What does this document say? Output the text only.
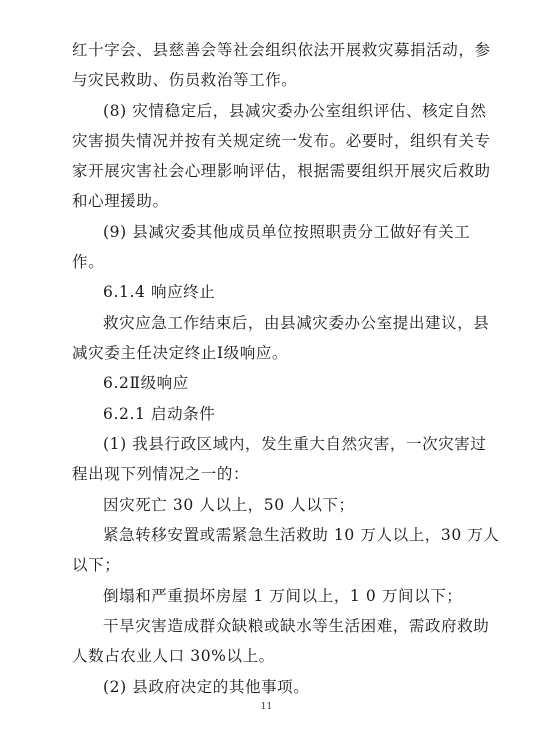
红十字会、县慈善会等社会组织依法开展救灾募捐活动，参
与灾民救助、伤员救治等工作。
(8) 灾情稳定后，县减灾委办公室组织评估、核定自然
灾害损失情况并按有关规定统一发布。必要时，组织有关专
家开展灾害社会心理影响评估，根据需要组织开展灾后救助
和心理援助。
(9) 县减灾委其他成员单位按照职责分工做好有关工
作。
6.1.4 响应终止
救灾应急工作结束后，由县减灾委办公室提出建议，县
减灾委主任决定终止Ⅰ级响应。
6.2Ⅱ级响应
6.2.1 启动条件
(1) 我县行政区域内，发生重大自然灾害，一次灾害过
程出现下列情况之一的：
因灾死亡 30 人以上，50 人以下；
紧急转移安置或需紧急生活救助 10 万人以上，30 万人
以下；
倒塌和严重损坏房屋 1 万间以上，1 0 万间以下；
干旱灾害造成群众缺粮或缺水等生活困难，需政府救助
人数占农业人口 30%以上。
(2) 县政府决定的其他事项。
11
